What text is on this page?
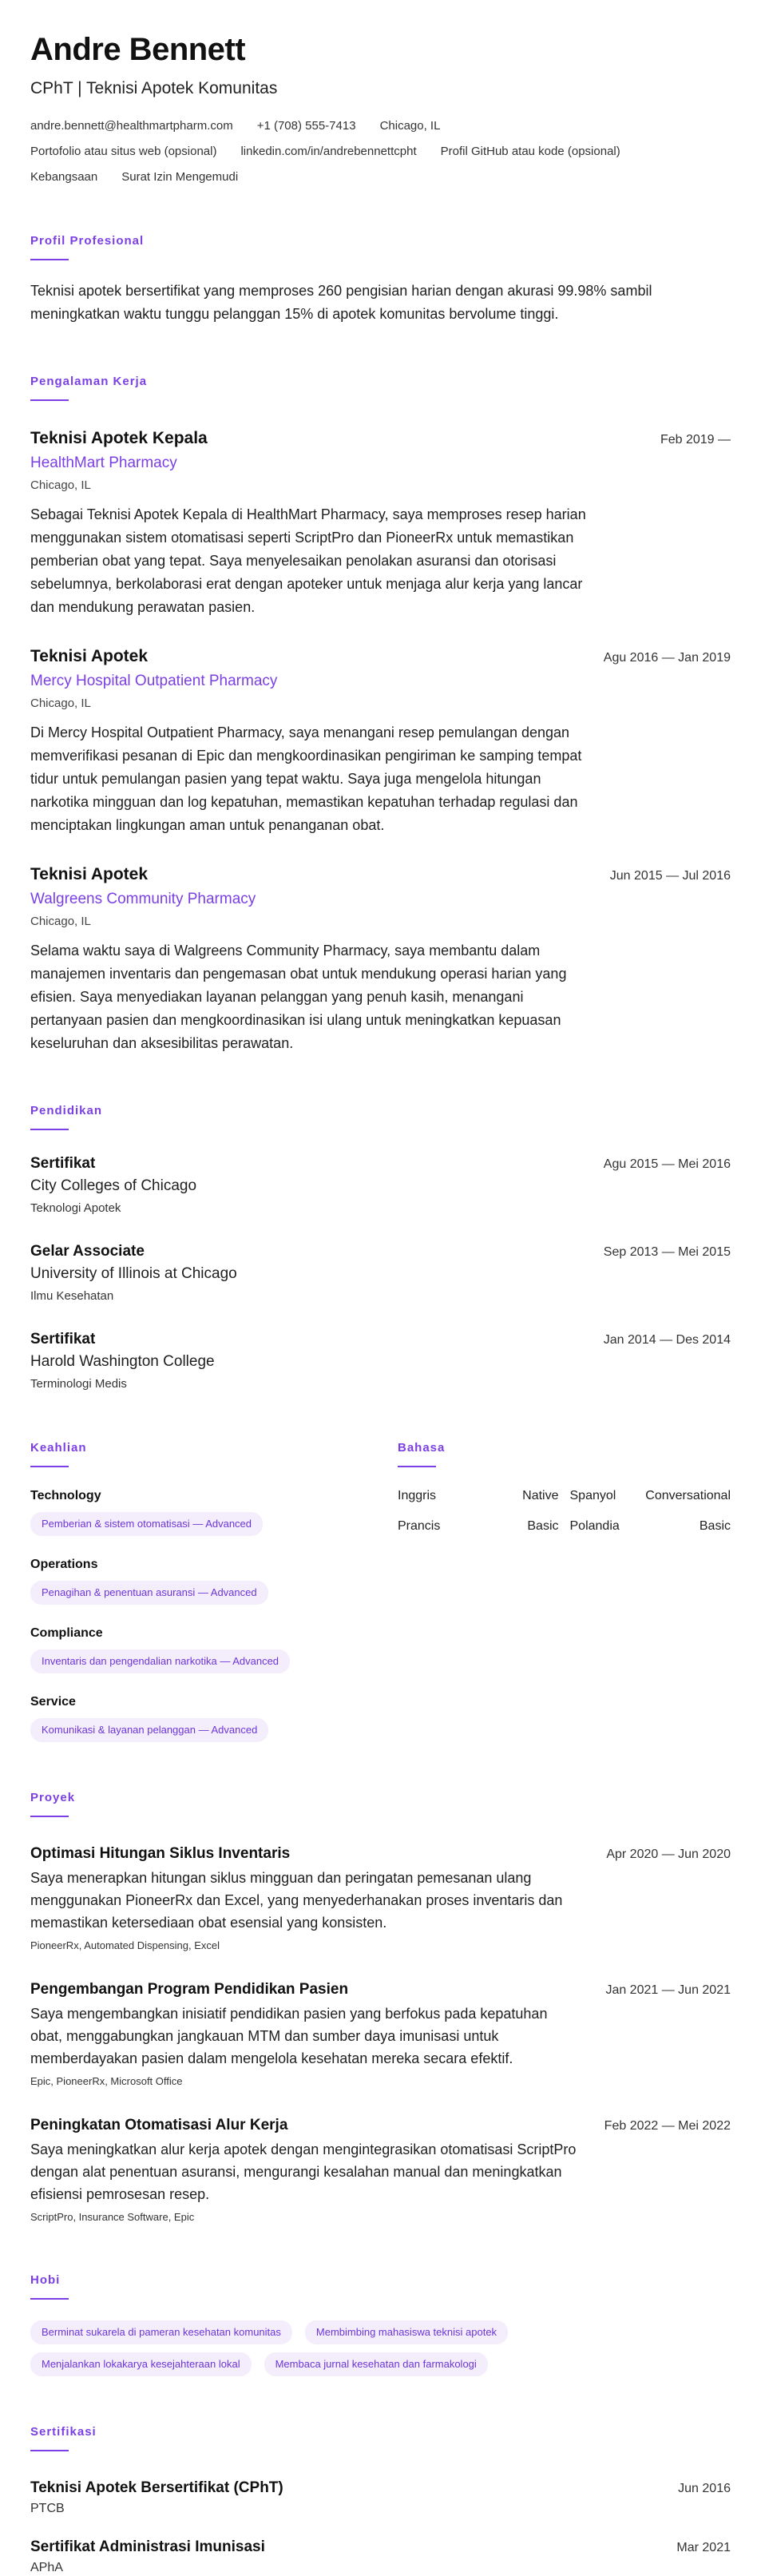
Andre Bennett
CPhT | Teknisi Apotek Komunitas
andre.bennett@healthmartpharm.com +1 (708) 555-7413 Chicago, IL
Portofolio atau situs web (opsional) linkedin.com/in/andrebennettcpht Profil GitHub atau kode (opsional)
Kebangsaan Surat Izin Mengemudi
Profil Profesional
Teknisi apotek bersertifikat yang memproses 260 pengisian harian dengan akurasi 99.98% sambil meningkatkan waktu tunggu pelanggan 15% di apotek komunitas bervolume tinggi.
Pengalaman Kerja
Teknisi Apotek Kepala	Feb 2019 —
HealthMart Pharmacy
Chicago, IL
Sebagai Teknisi Apotek Kepala di HealthMart Pharmacy, saya memproses resep harian menggunakan sistem otomatisasi seperti ScriptPro dan PioneerRx untuk memastikan pemberian obat yang tepat. Saya menyelesaikan penolakan asuransi dan otorisasi sebelumnya, berkolaborasi erat dengan apoteker untuk menjaga alur kerja yang lancar dan mendukung perawatan pasien.
Teknisi Apotek	Agu 2016 — Jan 2019
Mercy Hospital Outpatient Pharmacy
Chicago, IL
Di Mercy Hospital Outpatient Pharmacy, saya menangani resep pemulangan dengan memverifikasi pesanan di Epic dan mengkoordinasikan pengiriman ke samping tempat tidur untuk pemulangan pasien yang tepat waktu. Saya juga mengelola hitungan narkotika mingguan dan log kepatuhan, memastikan kepatuhan terhadap regulasi dan menciptakan lingkungan aman untuk penanganan obat.
Teknisi Apotek	Jun 2015 — Jul 2016
Walgreens Community Pharmacy
Chicago, IL
Selama waktu saya di Walgreens Community Pharmacy, saya membantu dalam manajemen inventaris dan pengemasan obat untuk mendukung operasi harian yang efisien. Saya menyediakan layanan pelanggan yang penuh kasih, menangani pertanyaan pasien dan mengkoordinasikan isi ulang untuk meningkatkan kepuasan keseluruhan dan aksesibilitas perawatan.
Pendidikan
Sertifikat	Agu 2015 — Mei 2016
City Colleges of Chicago
Teknologi Apotek
Gelar Associate	Sep 2013 — Mei 2015
University of Illinois at Chicago
Ilmu Kesehatan
Sertifikat	Jan 2014 — Des 2014
Harold Washington College
Terminologi Medis
Keahlian
Technology
Pemberian & sistem otomatisasi — Advanced
Operations
Penagihan & penentuan asuransi — Advanced
Compliance
Inventaris dan pengendalian narkotika — Advanced
Service
Komunikasi & layanan pelanggan — Advanced
Bahasa
Inggris	Native Spanyol Conversational
Prancis	Basic Polandia	Basic
Proyek
Optimasi Hitungan Siklus Inventaris	Apr 2020 — Jun 2020
Saya menerapkan hitungan siklus mingguan dan peringatan pemesanan ulang menggunakan PioneerRx dan Excel, yang menyederhanakan proses inventaris dan memastikan ketersediaan obat esensial yang konsisten.
PioneerRx, Automated Dispensing, Excel
Pengembangan Program Pendidikan Pasien	Jan 2021 — Jun 2021
Saya mengembangkan inisiatif pendidikan pasien yang berfokus pada kepatuhan obat, menggabungkan jangkauan MTM dan sumber daya imunisasi untuk memberdayakan pasien dalam mengelola kesehatan mereka secara efektif.
Epic, PioneerRx, Microsoft Office
Peningkatan Otomatisasi Alur Kerja	Feb 2022 — Mei 2022
Saya meningkatkan alur kerja apotek dengan mengintegrasikan otomatisasi ScriptPro dengan alat penentuan asuransi, mengurangi kesalahan manual dan meningkatkan efisiensi pemrosesan resep.
ScriptPro, Insurance Software, Epic
Hobi
Berminat sukarela di pameran kesehatan komunitas	Membimbing mahasiswa teknisi apotek
Menjalankan lokakarya kesejahteraan lokal	Membaca jurnal kesehatan dan farmakologi
Sertifikasi
Teknisi Apotek Bersertifikat (CPhT)	Jun 2016
PTCB
Sertifikat Administrasi Imunisasi	Mar 2021
APhA
